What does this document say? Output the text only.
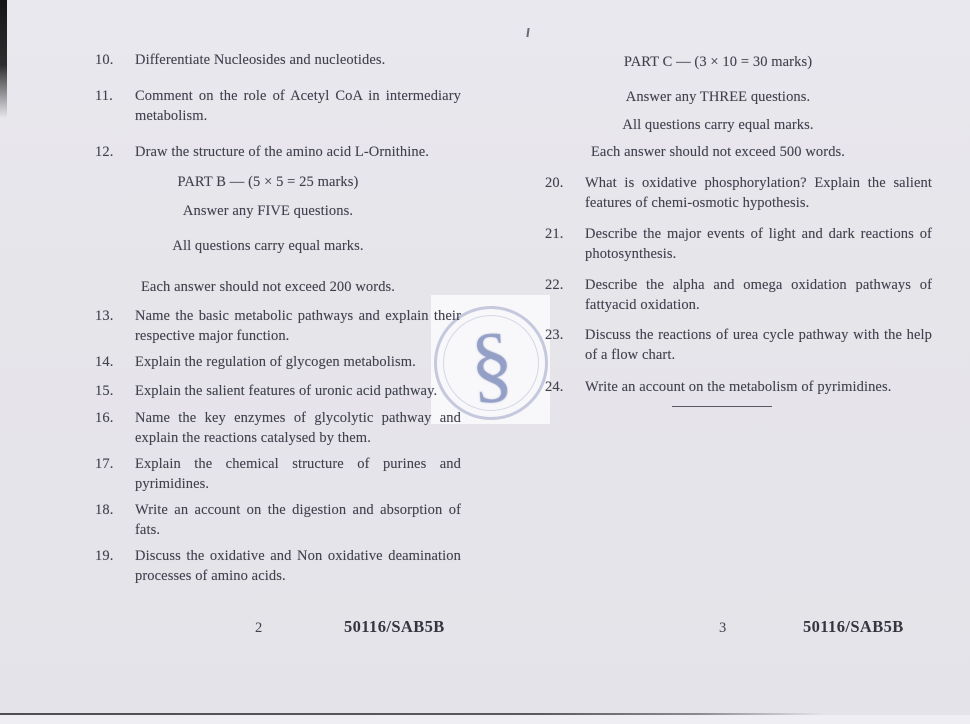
§
10.	Differentiate Nucleosides and nucleotides.
11.	Comment on the role of Acetyl CoA in intermediary metabolism.
12.	Draw the structure of the amino acid L-Ornithine.
PART B — (5 × 5 = 25 marks)
Answer any FIVE questions.
All questions carry equal marks.
Each answer should not exceed 200 words.
13.	Name the basic metabolic pathways and explain their respective major function.
14.	Explain the regulation of glycogen metabolism.
15.	Explain the salient features of uronic acid pathway.
16.	Name the key enzymes of glycolytic pathway and explain the reactions catalysed by them.
17.	Explain the chemical structure of purines and pyrimidines.
18.	Write an account on the digestion and absorption of fats.
19.	Discuss the oxidative and Non oxidative deamination processes of amino acids.
PART C — (3 × 10 = 30 marks)
Answer any THREE questions.
All questions carry equal marks.
Each answer should not exceed 500 words.
20.	What is oxidative phosphorylation? Explain the salient features of chemi-osmotic hypothesis.
21.	Describe the major events of light and dark reactions of photosynthesis.
22.	Describe the alpha and omega oxidation pathways of fattyacid oxidation.
23.	Discuss the reactions of urea cycle pathway with the help of a flow chart.
24.	Write an account on the metabolism of pyrimidines.
2	50116/SAB5B	3	50116/SAB5B
